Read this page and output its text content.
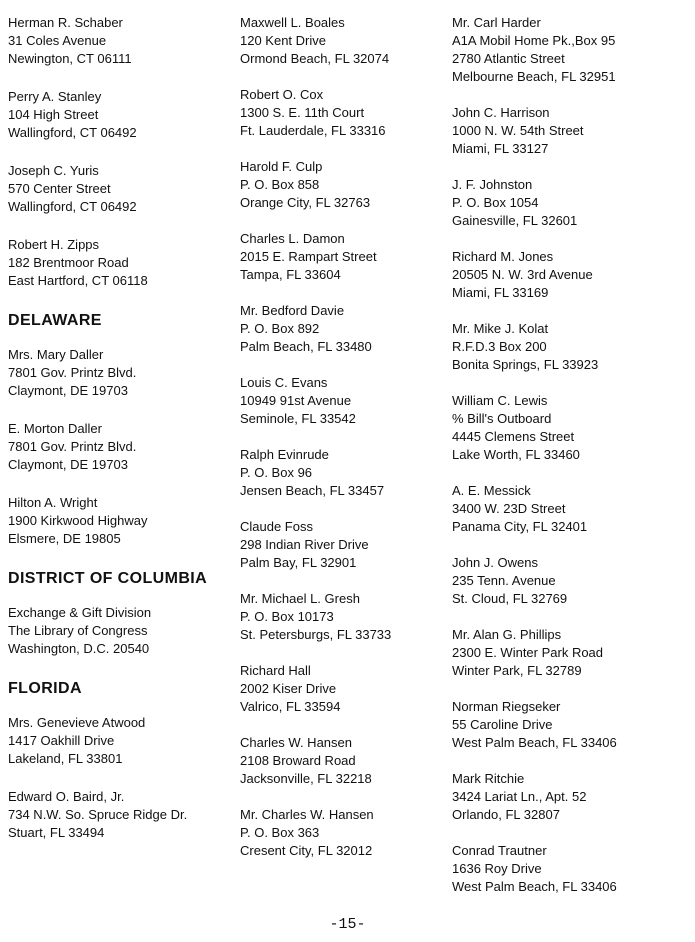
Herman R. Schaber
31 Coles Avenue
Newington, CT 06111
Perry A. Stanley
104 High Street
Wallingford, CT 06492
Joseph C. Yuris
570 Center Street
Wallingford, CT 06492
Robert H. Zipps
182 Brentmoor Road
East Hartford, CT 06118
DELAWARE
Mrs. Mary Daller
7801 Gov. Printz Blvd.
Claymont, DE 19703
E. Morton Daller
7801 Gov. Printz Blvd.
Claymont, DE 19703
Hilton A. Wright
1900 Kirkwood Highway
Elsmere, DE 19805
DISTRICT OF COLUMBIA
Exchange & Gift Division
The Library of Congress
Washington, D.C. 20540
FLORIDA
Mrs. Genevieve Atwood
1417 Oakhill Drive
Lakeland, FL 33801
Edward O. Baird, Jr.
734 N.W. So. Spruce Ridge Dr.
Stuart, FL 33494
Maxwell L. Boales
120 Kent Drive
Ormond Beach, FL 32074
Robert O. Cox
1300 S. E. 11th Court
Ft. Lauderdale, FL 33316
Harold F. Culp
P. O. Box 858
Orange City, FL 32763
Charles L. Damon
2015 E. Rampart Street
Tampa, FL 33604
Mr. Bedford Davie
P. O. Box 892
Palm Beach, FL 33480
Louis C. Evans
10949 91st Avenue
Seminole, FL 33542
Ralph Evinrude
P. O. Box 96
Jensen Beach, FL 33457
Claude Foss
298 Indian River Drive
Palm Bay, FL 32901
Mr. Michael L. Gresh
P. O. Box 10173
St. Petersburgs, FL 33733
Richard Hall
2002 Kiser Drive
Valrico, FL 33594
Charles W. Hansen
2108 Broward Road
Jacksonville, FL 32218
Mr. Charles W. Hansen
P. O. Box 363
Cresent City, FL 32012
Mr. Carl Harder
A1A Mobil Home Pk.,Box 95
2780 Atlantic Street
Melbourne Beach, FL 32951
John C. Harrison
1000 N. W. 54th Street
Miami, FL 33127
J. F. Johnston
P. O. Box 1054
Gainesville, FL 32601
Richard M. Jones
20505 N. W. 3rd Avenue
Miami, FL 33169
Mr. Mike J. Kolat
R.F.D.3 Box 200
Bonita Springs, FL 33923
William C. Lewis
% Bill's Outboard
4445 Clemens Street
Lake Worth, FL 33460
A. E. Messick
3400 W. 23D Street
Panama City, FL 32401
John J. Owens
235 Tenn. Avenue
St. Cloud, FL 32769
Mr. Alan G. Phillips
2300 E. Winter Park Road
Winter Park, FL 32789
Norman Riegseker
55 Caroline Drive
West Palm Beach, FL 33406
Mark Ritchie
3424 Lariat Ln., Apt. 52
Orlando, FL 32807
Conrad Trautner
1636 Roy Drive
West Palm Beach, FL 33406
-15-
